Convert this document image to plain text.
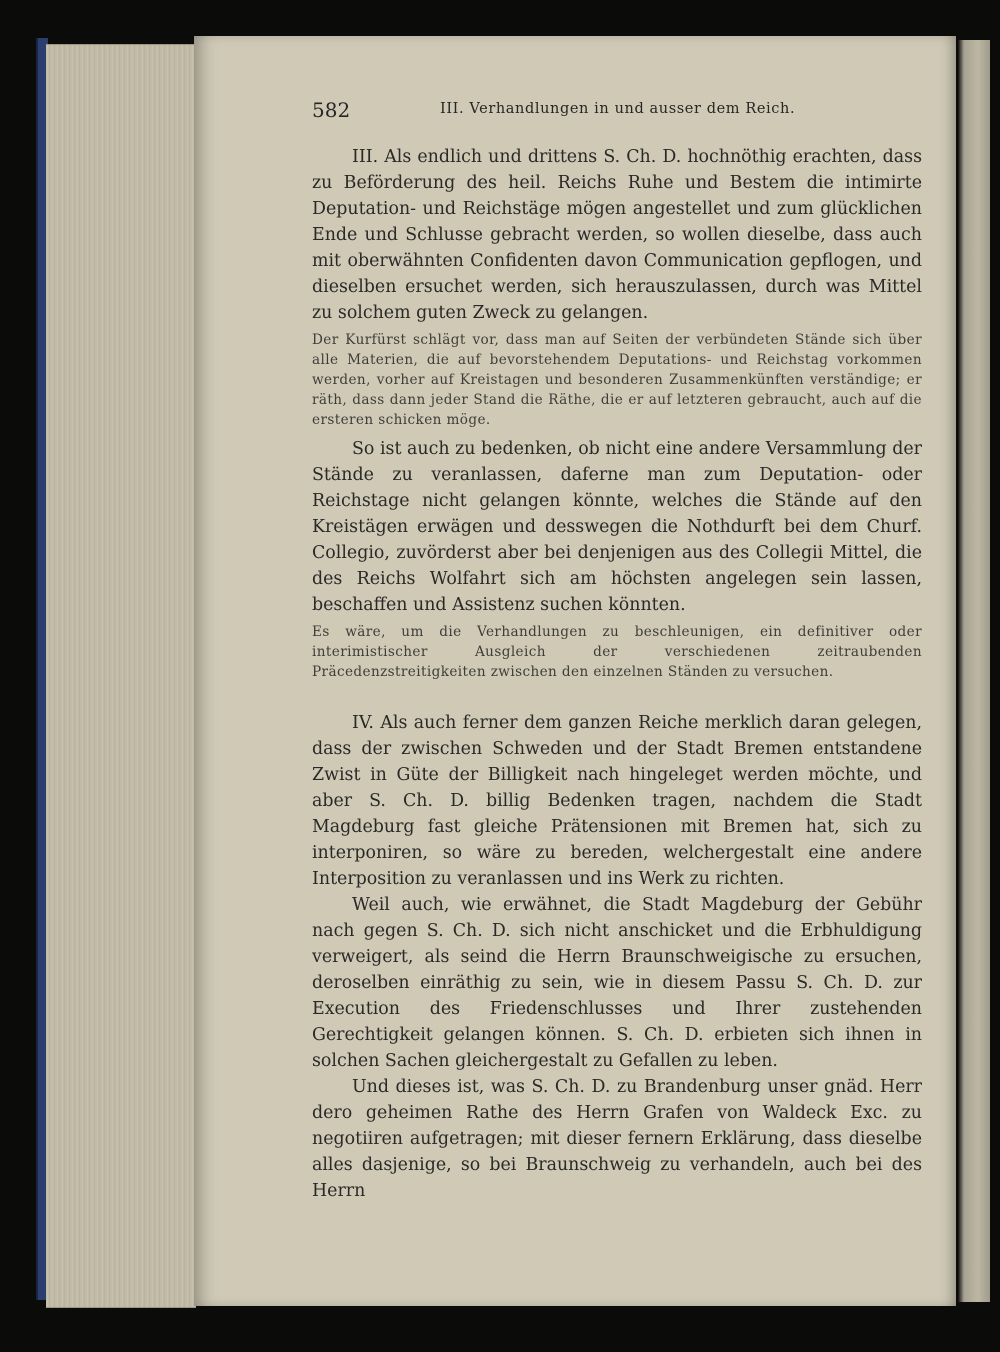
582	III. Verhandlungen in und ausser dem Reich.

III. Als endlich und drittens S. Ch. D. hochnöthig erachten, dass zu Beförderung des heil. Reichs Ruhe und Bestem die intimirte Deputation- und Reichstäge mögen angestellet und zum glücklichen Ende und Schlusse gebracht werden, so wollen dieselbe, dass auch mit oberwähnten Confidenten davon Communication gepflogen, und dieselben ersuchet werden, sich herauszulassen, durch was Mittel zu solchem guten Zweck zu gelangen.

Der Kurfürst schlägt vor, dass man auf Seiten der verbündeten Stände sich über alle Materien, die auf bevorstehendem Deputations- und Reichstag vorkommen werden, vorher auf Kreistagen und besonderen Zusammenkünften verständige; er räth, dass dann jeder Stand die Räthe, die er auf letzteren gebraucht, auch auf die ersteren schicken möge.

So ist auch zu bedenken, ob nicht eine andere Versammlung der Stände zu veranlassen, daferne man zum Deputation- oder Reichstage nicht gelangen könnte, welches die Stände auf den Kreistägen erwägen und desswegen die Nothdurft bei dem Churf. Collegio, zuvörderst aber bei denjenigen aus des Collegii Mittel, die des Reichs Wolfahrt sich am höchsten angelegen sein lassen, beschaffen und Assistenz suchen könnten.

Es wäre, um die Verhandlungen zu beschleunigen, ein definitiver oder interimistischer Ausgleich der verschiedenen zeitraubenden Präcedenzstreitigkeiten zwischen den einzelnen Ständen zu versuchen.

IV. Als auch ferner dem ganzen Reiche merklich daran gelegen, dass der zwischen Schweden und der Stadt Bremen entstandene Zwist in Güte der Billigkeit nach hingeleget werden möchte, und aber S. Ch. D. billig Bedenken tragen, nachdem die Stadt Magdeburg fast gleiche Prätensionen mit Bremen hat, sich zu interponiren, so wäre zu bereden, welchergestalt eine andere Interposition zu veranlassen und ins Werk zu richten.

Weil auch, wie erwähnet, die Stadt Magdeburg der Gebühr nach gegen S. Ch. D. sich nicht anschicket und die Erbhuldigung verweigert, als seind die Herrn Braunschweigische zu ersuchen, deroselben einräthig zu sein, wie in diesem Passu S. Ch. D. zur Execution des Friedenschlusses und Ihrer zustehenden Gerechtigkeit gelangen können. S. Ch. D. erbieten sich ihnen in solchen Sachen gleichergestalt zu Gefallen zu leben.

Und dieses ist, was S. Ch. D. zu Brandenburg unser gnäd. Herr dero geheimen Rathe des Herrn Grafen von Waldeck Exc. zu negotiiren aufgetragen; mit dieser fernern Erklärung, dass dieselbe alles dasjenige, so bei Braunschweig zu verhandeln, auch bei des Herrn
